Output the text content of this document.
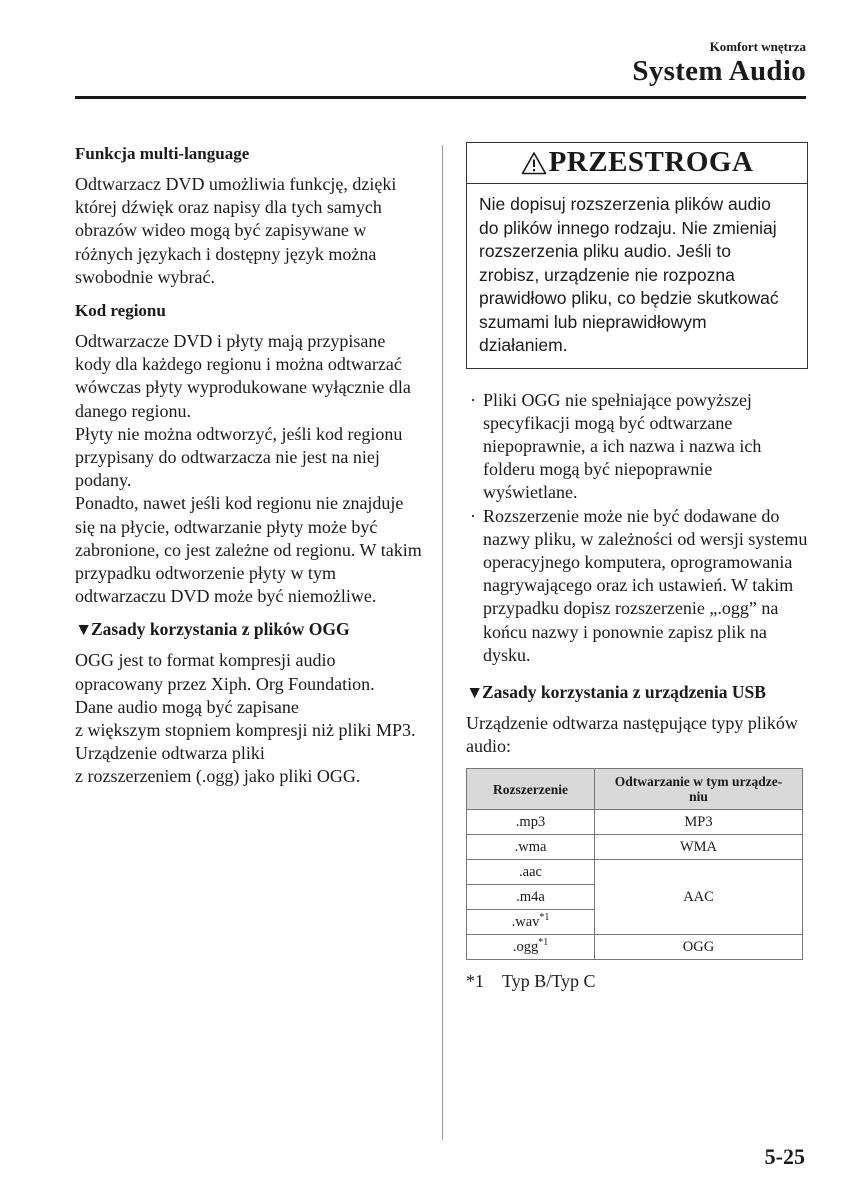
Komfort wnętrza
System Audio
Funkcja multi-language

Odtwarzacz DVD umożliwia funkcję, dzięki której dźwięk oraz napisy dla tych samych obrazów wideo mogą być zapisywane w różnych językach i dostępny język można swobodnie wybrać.

Kod regionu

Odtwarzacze DVD i płyty mają przypisane kody dla każdego regionu i można odtwarzać wówczas płyty wyprodukowane wyłącznie dla danego regionu.
Płyty nie można odtworzyć, jeśli kod regionu przypisany do odtwarzacza nie jest na niej podany.
Ponadto, nawet jeśli kod regionu nie znajduje się na płycie, odtwarzanie płyty może być zabronione, co jest zależne od regionu. W takim przypadku odtworzenie płyty w tym odtwarzaczu DVD może być niemożliwe.

▼
Zasady korzystania z plików OGG

OGG jest to format kompresji audio opracowany przez Xiph. Org Foundation.
Dane audio mogą być zapisane
z większym stopniem kompresji niż pliki MP3.
Urządzenie odtwarza pliki
z rozszerzeniem (.ogg) jako pliki OGG.

PRZESTROGA
Nie dopisuj rozszerzenia plików audio do plików innego rodzaju. Nie zmieniaj rozszerzenia pliku audio. Jeśli to zrobisz, urządzenie nie rozpozna prawidłowo pliku, co będzie skutkować szumami lub nieprawidłowym działaniem.
· Pliki OGG nie spełniające powyższej specyfikacji mogą być odtwarzane niepoprawnie, a ich nazwa i nazwa ich folderu mogą być niepoprawnie wyświetlane.
· Rozszerzenie może nie być dodawane do nazwy pliku, w zależności od wersji systemu operacyjnego komputera, oprogramowania nagrywającego oraz ich ustawień. W takim przypadku dopisz rozszerzenie „.ogg” na końcu nazwy i ponownie zapisz plik na dysku.
▼
Zasady korzystania z urządzenia USB

Urządzenie odtwarza następujące typy plików audio:

Rozszerzenie	Odtwarzanie w tym urządze-
niu
.mp3	MP3
.wma	WMA
.aac	AAC
.m4a	
.wav$^{*1}$
.ogg$^{*1}$	OGG
*1 Typ B/Typ C
5-25
